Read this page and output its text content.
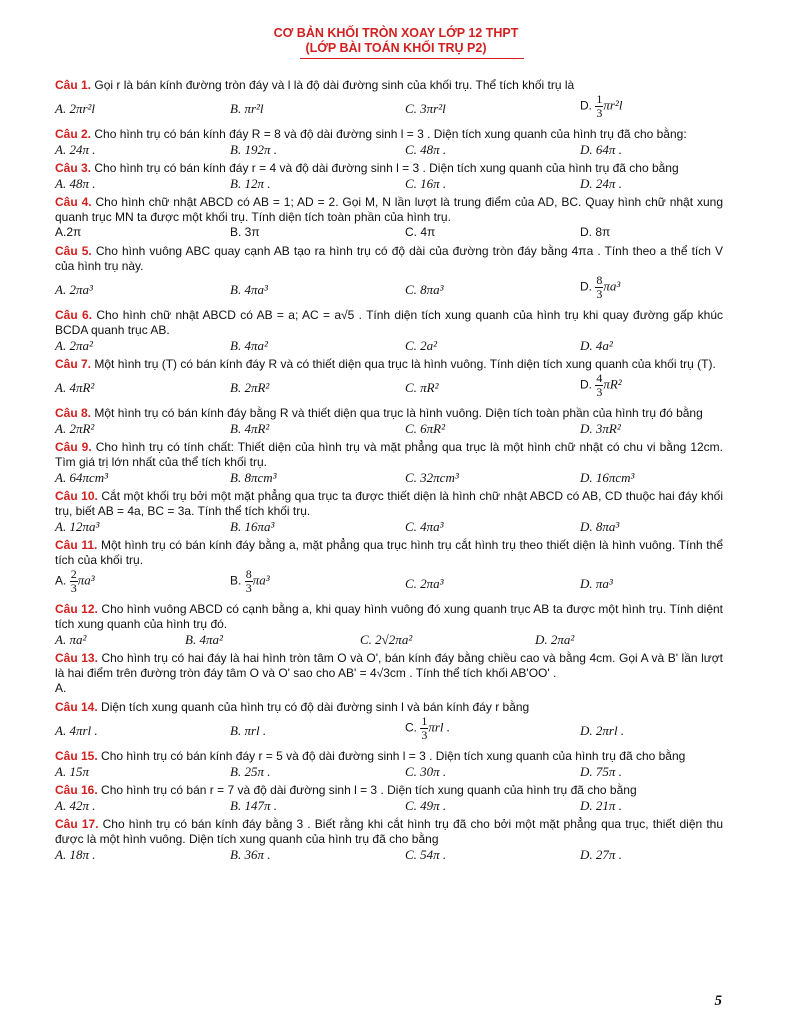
CƠ BẢN KHỐI TRÒN XOAY LỚP 12 THPT
(LỚP BÀI TOÁN KHỐI TRỤ P2)

Câu 1. Gọi r là bán kính đường tròn đáy và l là độ dài đường sinh của khối trụ. Thể tích khối trụ là

A. 2πr²l	B. πr²l	C. 3πr²l	D. $\frac{1}{3} \pi r^2l$

Câu 2. Cho hình trụ có bán kính đáy R = 8 và độ dài đường sinh l = 3 . Diện tích xung quanh của hình trụ đã cho bằng:

A. 24π .	B. 192π .	C. 48π .	D. 64π .

Câu 3. Cho hình trụ có bán kính đáy r = 4 và độ dài đường sinh l = 3 . Diện tích xung quanh của hình trụ đã cho bằng

A. 48π .	B. 12π .	C. 16π .	D. 24π .

Câu 4. Cho hình chữ nhật ABCD có AB = 1; AD = 2. Gọi M, N lần lượt là trung điểm của AD, BC. Quay hình chữ nhật xung quanh trục MN ta được một khối trụ. Tính diện tích toàn phần của hình trụ.

A.2π	B. 3π	C. 4π	D. 8π

Câu 5. Cho hình vuông ABC quay cạnh AB tạo ra hình trụ có độ dài của đường tròn đáy bằng 4πa . Tính theo a thể tích V của hình trụ này.

A. 2πa³	B. 4πa³	C. 8πa³	D. $\frac{8}{3} \pi a^3$

Câu 6. Cho hình chữ nhật ABCD có AB = a; AC = a√5 . Tính diện tích xung quanh của hình trụ khi quay đường gấp khúc BCDA quanh trục AB.

A. 2πa²	B. 4πa²	C. 2a²	D. 4a²

Câu 7. Một hình trụ (T) có bán kính đáy R và có thiết diện qua trục là hình vuông. Tính diện tích xung quanh của khối trụ (T).

A. 4πR²	B. 2πR²	C. πR²	D. $\frac{4}{3} \pi R^2$

Câu 8. Một hình trụ có bán kính đáy bằng R và thiết diện qua trục là hình vuông. Diện tích toàn phần của hình trụ đó bằng

A. 2πR²	B. 4πR²	C. 6πR²	D. 3πR²

Câu 9. Cho hình trụ có tính chất: Thiết diện của hình trụ và mặt phẳng qua trục là một hình chữ nhật có chu vi bằng 12cm. Tìm giá trị lớn nhất của thể tích khối trụ.

A. 64πcm³	B. 8πcm³	C. 32πcm³	D. 16πcm³

Câu 10. Cắt một khối trụ bởi một mặt phẳng qua trục ta được thiết diện là hình chữ nhật ABCD có AB, CD thuộc hai đáy khối trụ, biết AB = 4a, BC = 3a. Tính thể tích khối trụ.

A. 12πa³	B. 16πa³	C. 4πa³	D. 8πa³

Câu 11. Một hình trụ có bán kính đáy bằng a, mặt phẳng qua trục hình trụ cắt hình trụ theo thiết diện là hình vuông. Tính thể tích của khối trụ.

A. $\frac{2}{3} \pi a^3$	B. $\frac{8}{3} \pi a^3$	C. 2πa³	D. πa³

Câu 12. Cho hình vuông ABCD có cạnh bằng a, khi quay hình vuông đó xung quanh trục AB ta được một hình trụ. Tính diệnt tích xung quanh của hình trụ đó.

A. πa²	B. 4πa²	C. 2√2πa²	D. 2πa²

Câu 13. Cho hình trụ có hai đáy là hai hình tròn tâm O và O', bán kính đáy bằng chiều cao và bằng 4cm. Gọi A và B' lần lượt là hai điểm trên đường tròn đáy tâm O và O' sao cho AB' = 4√3cm . Tính thể tích khối AB'OO' .

A.

Câu 14. Diện tích xung quanh của hình trụ có độ dài đường sinh l và bán kính đáy r bằng

A. 4πrl .	B. πrl .	C. $\frac{1}{3}$ πrl .	D. 2πrl .

Câu 15. Cho hình trụ có bán kính đáy r = 5 và độ dài đường sinh l = 3 . Diện tích xung quanh của hình trụ đã cho bằng

A. 15π	B. 25π .	C. 30π .	D. 75π .

Câu 16. Cho hình trụ có bán r = 7 và độ dài đường sinh l = 3 . Diện tích xung quanh của hình trụ đã cho bằng

A. 42π .	B. 147π .	C. 49π .	D. 21π .

Câu 17. Cho hình trụ có bán kính đáy bằng 3 . Biết rằng khi cắt hình trụ đã cho bởi một mặt phẳng qua trục, thiết diện thu được là một hình vuông. Diện tích xung quanh của hình trụ đã cho bằng

A. 18π .	B. 36π .	C. 54π .	D. 27π .
5
